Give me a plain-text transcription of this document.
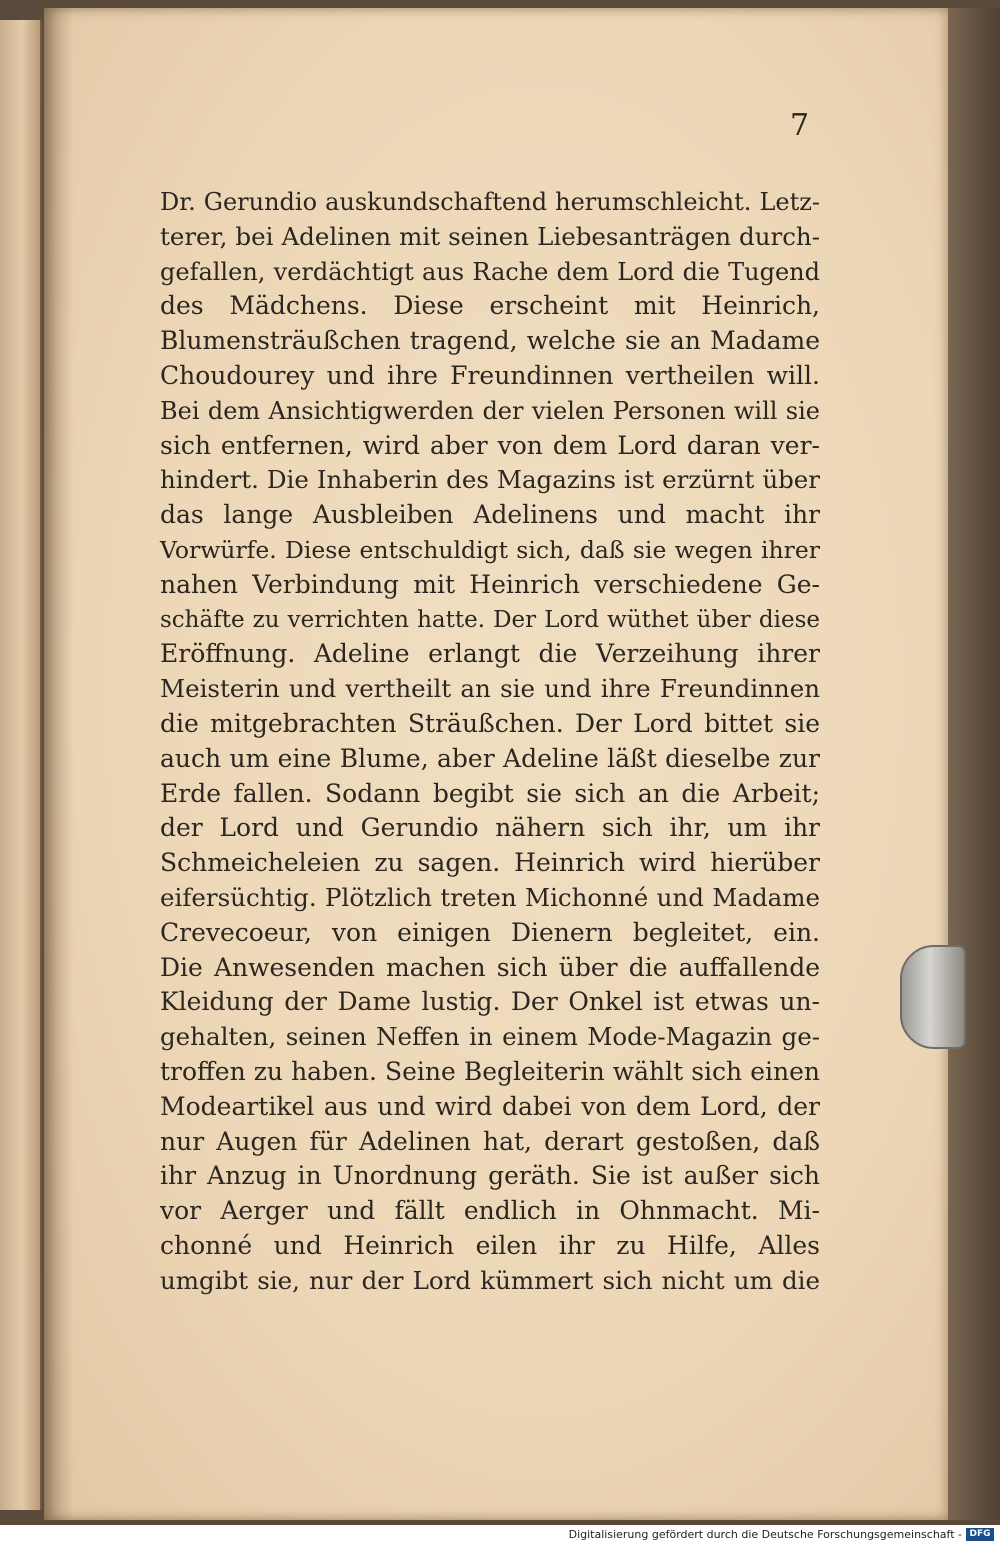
7
Dr. Gerundio auskundschaftend herumschleicht. Letz-
terer, bei Adelinen mit seinen Liebesanträgen durch-
gefallen, verdächtigt aus Rache dem Lord die Tugend
des Mädchens. Diese erscheint mit Heinrich,
Blumensträußchen tragend, welche sie an Madame
Choudourey und ihre Freundinnen vertheilen will.
Bei dem Ansichtigwerden der vielen Personen will sie
sich entfernen, wird aber von dem Lord daran ver-
hindert. Die Inhaberin des Magazins ist erzürnt über
das lange Ausbleiben Adelinens und macht ihr
Vorwürfe. Diese entschuldigt sich, daß sie wegen ihrer
nahen Verbindung mit Heinrich verschiedene Ge-
schäfte zu verrichten hatte. Der Lord wüthet über diese
Eröffnung. Adeline erlangt die Verzeihung ihrer
Meisterin und vertheilt an sie und ihre Freundinnen
die mitgebrachten Sträußchen. Der Lord bittet sie
auch um eine Blume, aber Adeline läßt dieselbe zur
Erde fallen. Sodann begibt sie sich an die Arbeit;
der Lord und Gerundio nähern sich ihr, um ihr
Schmeicheleien zu sagen. Heinrich wird hierüber
eifersüchtig. Plötzlich treten Michonné und Madame
Crevecoeur, von einigen Dienern begleitet, ein.
Die Anwesenden machen sich über die auffallende
Kleidung der Dame lustig. Der Onkel ist etwas un-
gehalten, seinen Neffen in einem Mode-Magazin ge-
troffen zu haben. Seine Begleiterin wählt sich einen
Modeartikel aus und wird dabei von dem Lord, der
nur Augen für Adelinen hat, derart gestoßen, daß
ihr Anzug in Unordnung geräth. Sie ist außer sich
vor Aerger und fällt endlich in Ohnmacht. Mi-
chonné und Heinrich eilen ihr zu Hilfe, Alles
umgibt sie, nur der Lord kümmert sich nicht um die
Digitalisierung gefördert durch die Deutsche Forschungsgemeinschaft - DFG
